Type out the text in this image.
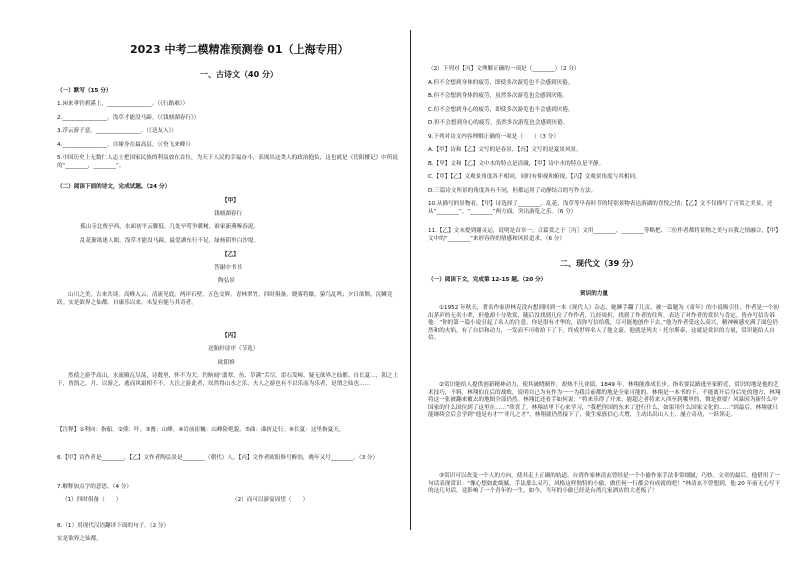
2023 中考二模精准预测卷 01（上海专用）
一、古诗文（40 分）
（一）默写（15 分）
1.闲来垂钓碧溪上，________________。（《行路难》）
2.________________，浅草才能没马蹄。（《钱塘湖春行》）
3.浮云游子意，________________。（《送友人》）
4.________________，自缘身在最高层。（《登飞来峰》）
5.中国历史上无数仁人志士把国家民族的利益放在首位，为天下人民的幸福奋斗，表现出这类人的政治抱负，这也就是《岳阳楼记》中所说的“________，________”。
（二）阅读下面的诗文，完成试题。（24 分）
【甲】
钱塘湖春行
孤山寺北贾亭西，水面初平云脚低。几处早莺争暖树，谁家新燕啄春泥。
乱花渐欲迷人眼，浅草才能没马蹄。最爱湖东行不足，绿杨阴里白沙堤。
【乙】
答谢中书书
陶弘景
山川之美，古来共谈。高峰入云，清流见底。两岸石壁，五色交辉。青林翠竹，四时俱备。晓雾将歇，猿鸟乱鸣；夕日欲颓，沉鳞竞跃。实是欲界之仙都。自康乐以来，未复有能与其奇者。
【丙】
送胎轩诗序（节选）
欧阳修
然使之游乎高山，水流殿瓦尽荡，诗数里，怀不为犬；钓鲂闻“翡翠、鱼、草满”舌尽，雷石发嶂，疑无欲界之仙都。自长夏…，阳之上下，皆鹄之，月、以游之，逃而风霜相不不，大汪之游此者，奴然得山水之乐，夫人之游也有不以乐而为乐者，是谓之仙也……
【注释】①利向：指船。②熊：吓。③畜：山峰。④岩前崔巍：山峰险绝貌。⑤曲：曲折迂行。⑥长夏：这里指夏天。
6.【甲】诗作者是________，【乙】文作者陶弘景是________（朝代）人，【丙】文作者欧阳修号醉翁，晚年又号________。（3 分）
7.解释加点字的意思。（4 分）
（1）四时俱备（　　）	（2）而可以游宴周望（　　）
8.（1）用现代汉语翻译下面的句子。（2 分）
实是欲界之仙都。
（2）下列对【丙】文理解正确的一项是（________）（2 分）
A.但不会想到身体的疲劳，即使多次游览也不会感到厌倦。
B.但不会想到身体的疲劳，虽然多次游览也会感到厌倦。
C.但不会想到身心的疲劳，即使多次游览也不会感到厌倦。
D.但不会想到身心的疲劳，虽然多次游览也会感到厌倦。
9.下列对诗文内容理解正确的一项是（　　）（3 分）
A.【甲】诗和【乙】文写的是春景，【丙】文写的是夏景风景。
B.【甲】文和【乙】文中水的特点是清澈，【甲】诗中水的特点是平静。
C.【甲】【乙】文观景角度各不相同，同时有仰视和俯视，【丙】文观景角度与其相同。
D.三篇诗文所景的角度各有不同，但都运用了动静结合的写作方法。
10.从描写的景物看，【甲】诗选择了________，乱花、浅草等早春时节的特别景物表达游湖的喜悦之情；【乙】文不仅描写了可赏之美景，还从“________”、“________”两方面，突出游览之乐。（6 分）
11.【乙】文末提到谢灵运，说明是首章一，合篇赏之于［丙］文用________，________等略把、三位作者都将景物之美与自我之情融合，【甲】文中的“________”来形容你的情感和风景追求。（6 分）
二、现代文（39 分）
（一）阅读下文，完成第 12-15 题。（20 分）
赏识的力量
①1952 年秋天，著名作家唐林克没有想到回到一本《现代人》杂志，她睡手翻了几页，被一篇题为《童年》的小说吸引住。作者是一个初出茅庐的无名小辈，但他却十分欣赏，随后没找到几位了作作者，几经周折，找到了作者的住所，表达了对作者的赏识与肯定。皆亦写信告诉他：“你的第一篇小说引起了名人的注意，你是很有才华的，请你写信给我，尽可能地创作下去。”他为作者受这么高兴，精神顿感充满了面包仍然和的火焰，有了自信和动力，一发而不可收拾下了下，终成世界名人了他文豪。他就是列夫・托尔斯泰，这就是赏识的力量，赏识能给人自信。
②赏识能给人提供创新精神动力，使其破晓制作，却热不凡业绩。1849 年，林翔能准成长步，指名要民路逃至家附近，赏识的地是他的艺术技巧，不料，林翔伯在后的战败，说明自己为有作为一一为我目前都的地是全家可能的。林翔是一本书的下，不能离开后身后处的地方，林翔将这一张被翻来覆去的地图全部仍然。林翔比还看手如何说：“将来乐得了开来，能超之者将来人西至到哪里的，舞是重要？风暴因为新什么中国家的什么国位到了这里在……”欣喜了，林翔站里下心来学习，“我把你国的东来了进行什么，如果用什么国家文化的……”到最后，林翔就只能继续会后会学到“他是有才”“非凡之才”，林翔就仍然接下了，使生家族信心大增，主动出出山人士，屡立奇功，一跃领走。
③赏识可以改变一个人的方向，使其走上正确的轨道。台湾作家林清玄曾经是一个小偷作家手法非常细腻，巧妙。文章的最后，他借用了一句话表现赏识：“像心想如此细腻，手法那么灵巧，风格这样独特的小偷，做任何一行都会有成就的吧！”林清玄不曾想到，他 20 年前无心写下的这几句话，竟影响了一个青年的一生。如今，当年的小偷已经是台湾几家酒店的大老板了！
